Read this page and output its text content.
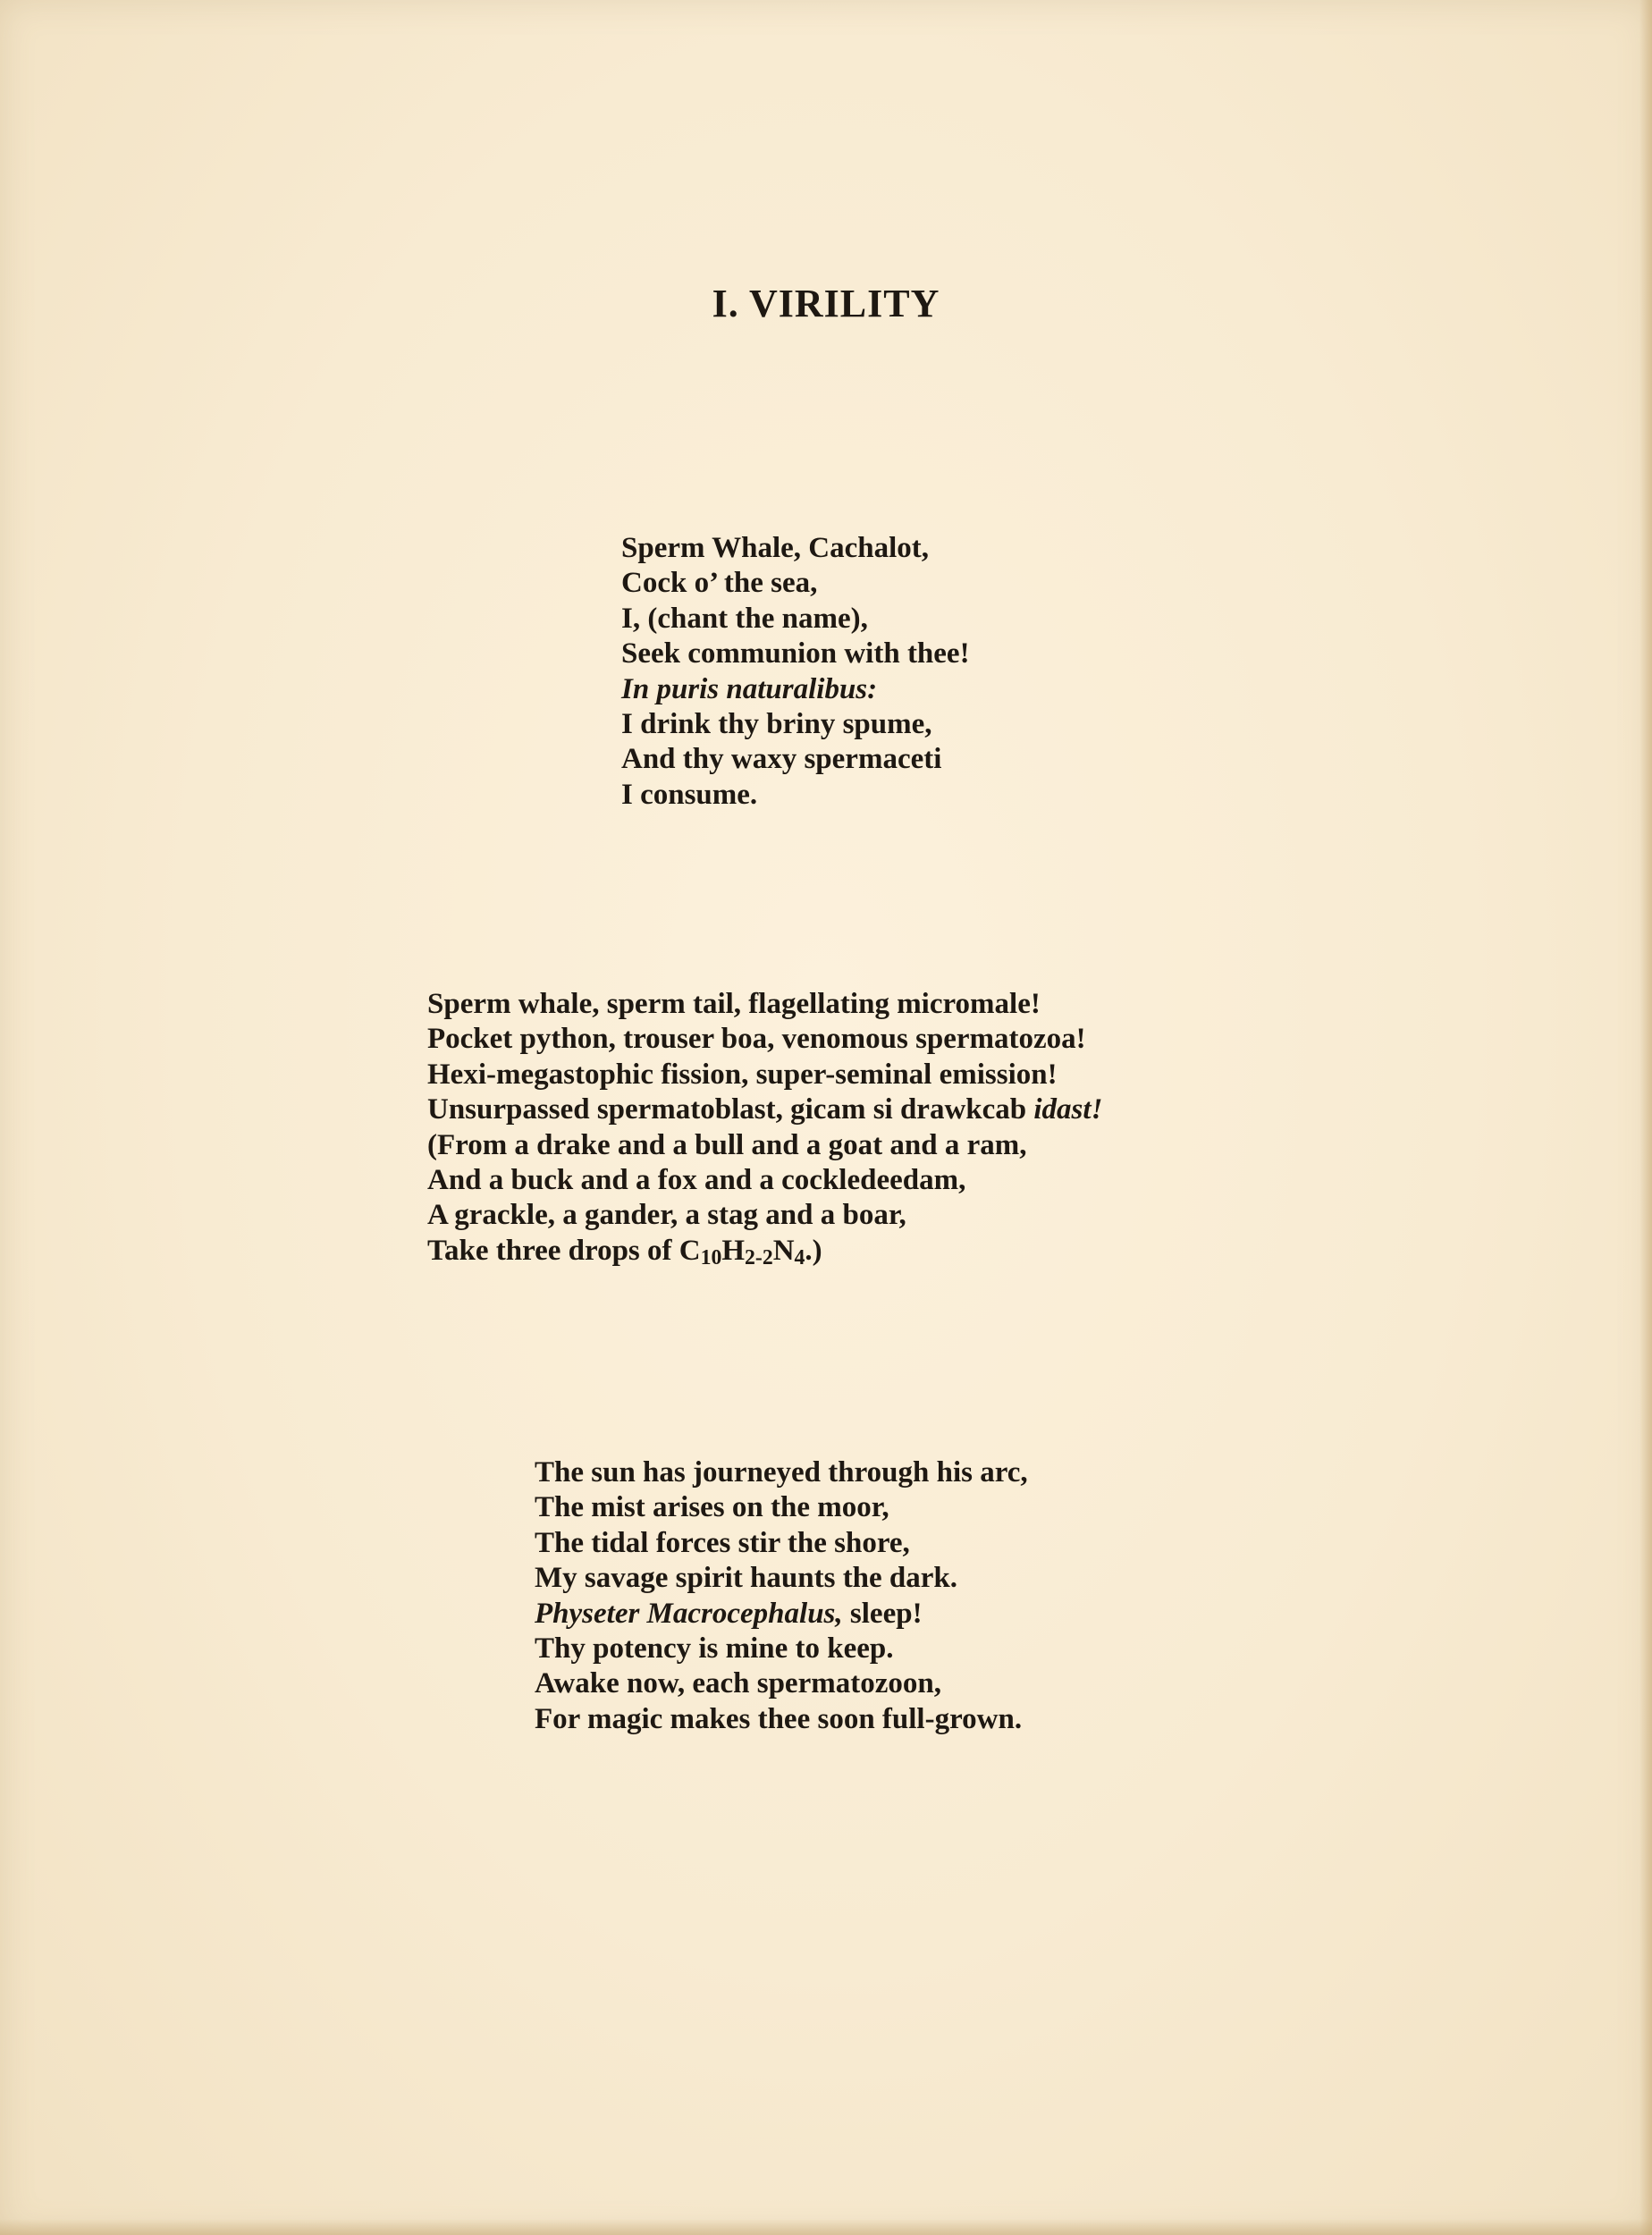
I. VIRILITY
Sperm Whale, Cachalot,
Cock o’ the sea,
I, (chant the name),
Seek communion with thee!
In puris naturalibus:
I drink thy briny spume,
And thy waxy spermaceti
I consume.
Sperm whale, sperm tail, flagellating micromale!
Pocket python, trouser boa, venomous spermatozoa!
Hexi-megastophic fission, super-seminal emission!
Unsurpassed spermatoblast, gicam si drawkcab idast!
(From a drake and a bull and a goat and a ram,
And a buck and a fox and a cockledeedam,
A grackle, a gander, a stag and a boar,
Take three drops of $C_{10}H_{2-2}N_4$.)
The sun has journeyed through his arc,
The mist arises on the moor,
The tidal forces stir the shore,
My savage spirit haunts the dark.
Physeter Macrocephalus, sleep!
Thy potency is mine to keep.
Awake now, each spermatozoon,
For magic makes thee soon full-grown.
